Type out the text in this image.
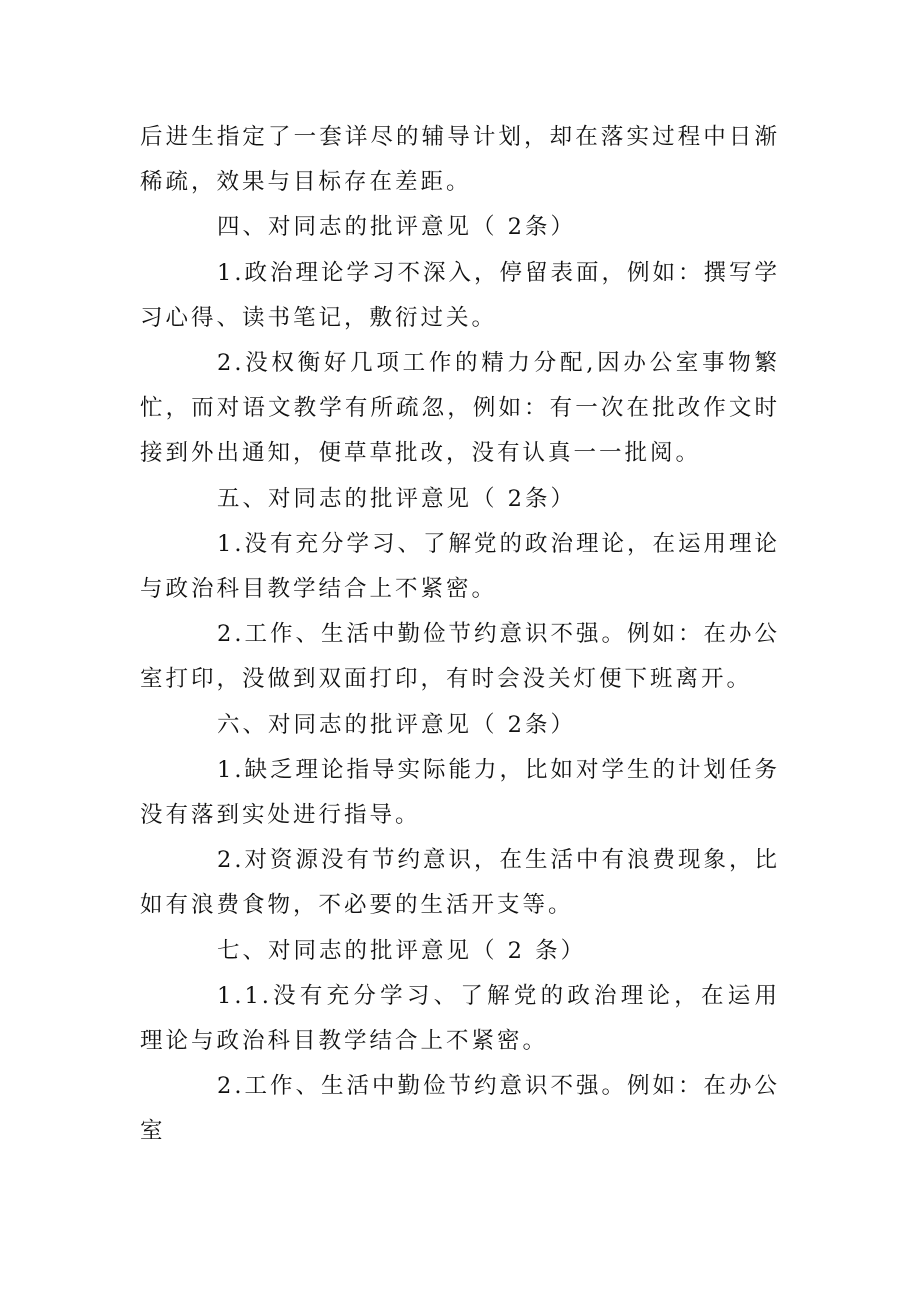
后进生指定了一套详尽的辅导计划，却在落实过程中日渐稀疏，效果与目标存在差距。

四、对同志的批评意见（ 2条）

1.政治理论学习不深入，停留表面，例如：撰写学习心得、读书笔记，敷衍过关。

2.没权衡好几项工作的精力分配,因办公室事物繁忙，而对语文教学有所疏忽，例如：有一次在批改作文时接到外出通知，便草草批改，没有认真一一批阅。

五、对同志的批评意见（ 2条）

1.没有充分学习、了解党的政治理论，在运用理论与政治科目教学结合上不紧密。

2.工作、生活中勤俭节约意识不强。例如：在办公室打印，没做到双面打印，有时会没关灯便下班离开。

六、对同志的批评意见（ 2条）

1.缺乏理论指导实际能力，比如对学生的计划任务没有落到实处进行指导。

2.对资源没有节约意识，在生活中有浪费现象，比如有浪费食物，不必要的生活开支等。

七、对同志的批评意见（ 2 条）

1.1.没有充分学习、了解党的政治理论，在运用理论与政治科目教学结合上不紧密。

2.工作、生活中勤俭节约意识不强。例如：在办公室
